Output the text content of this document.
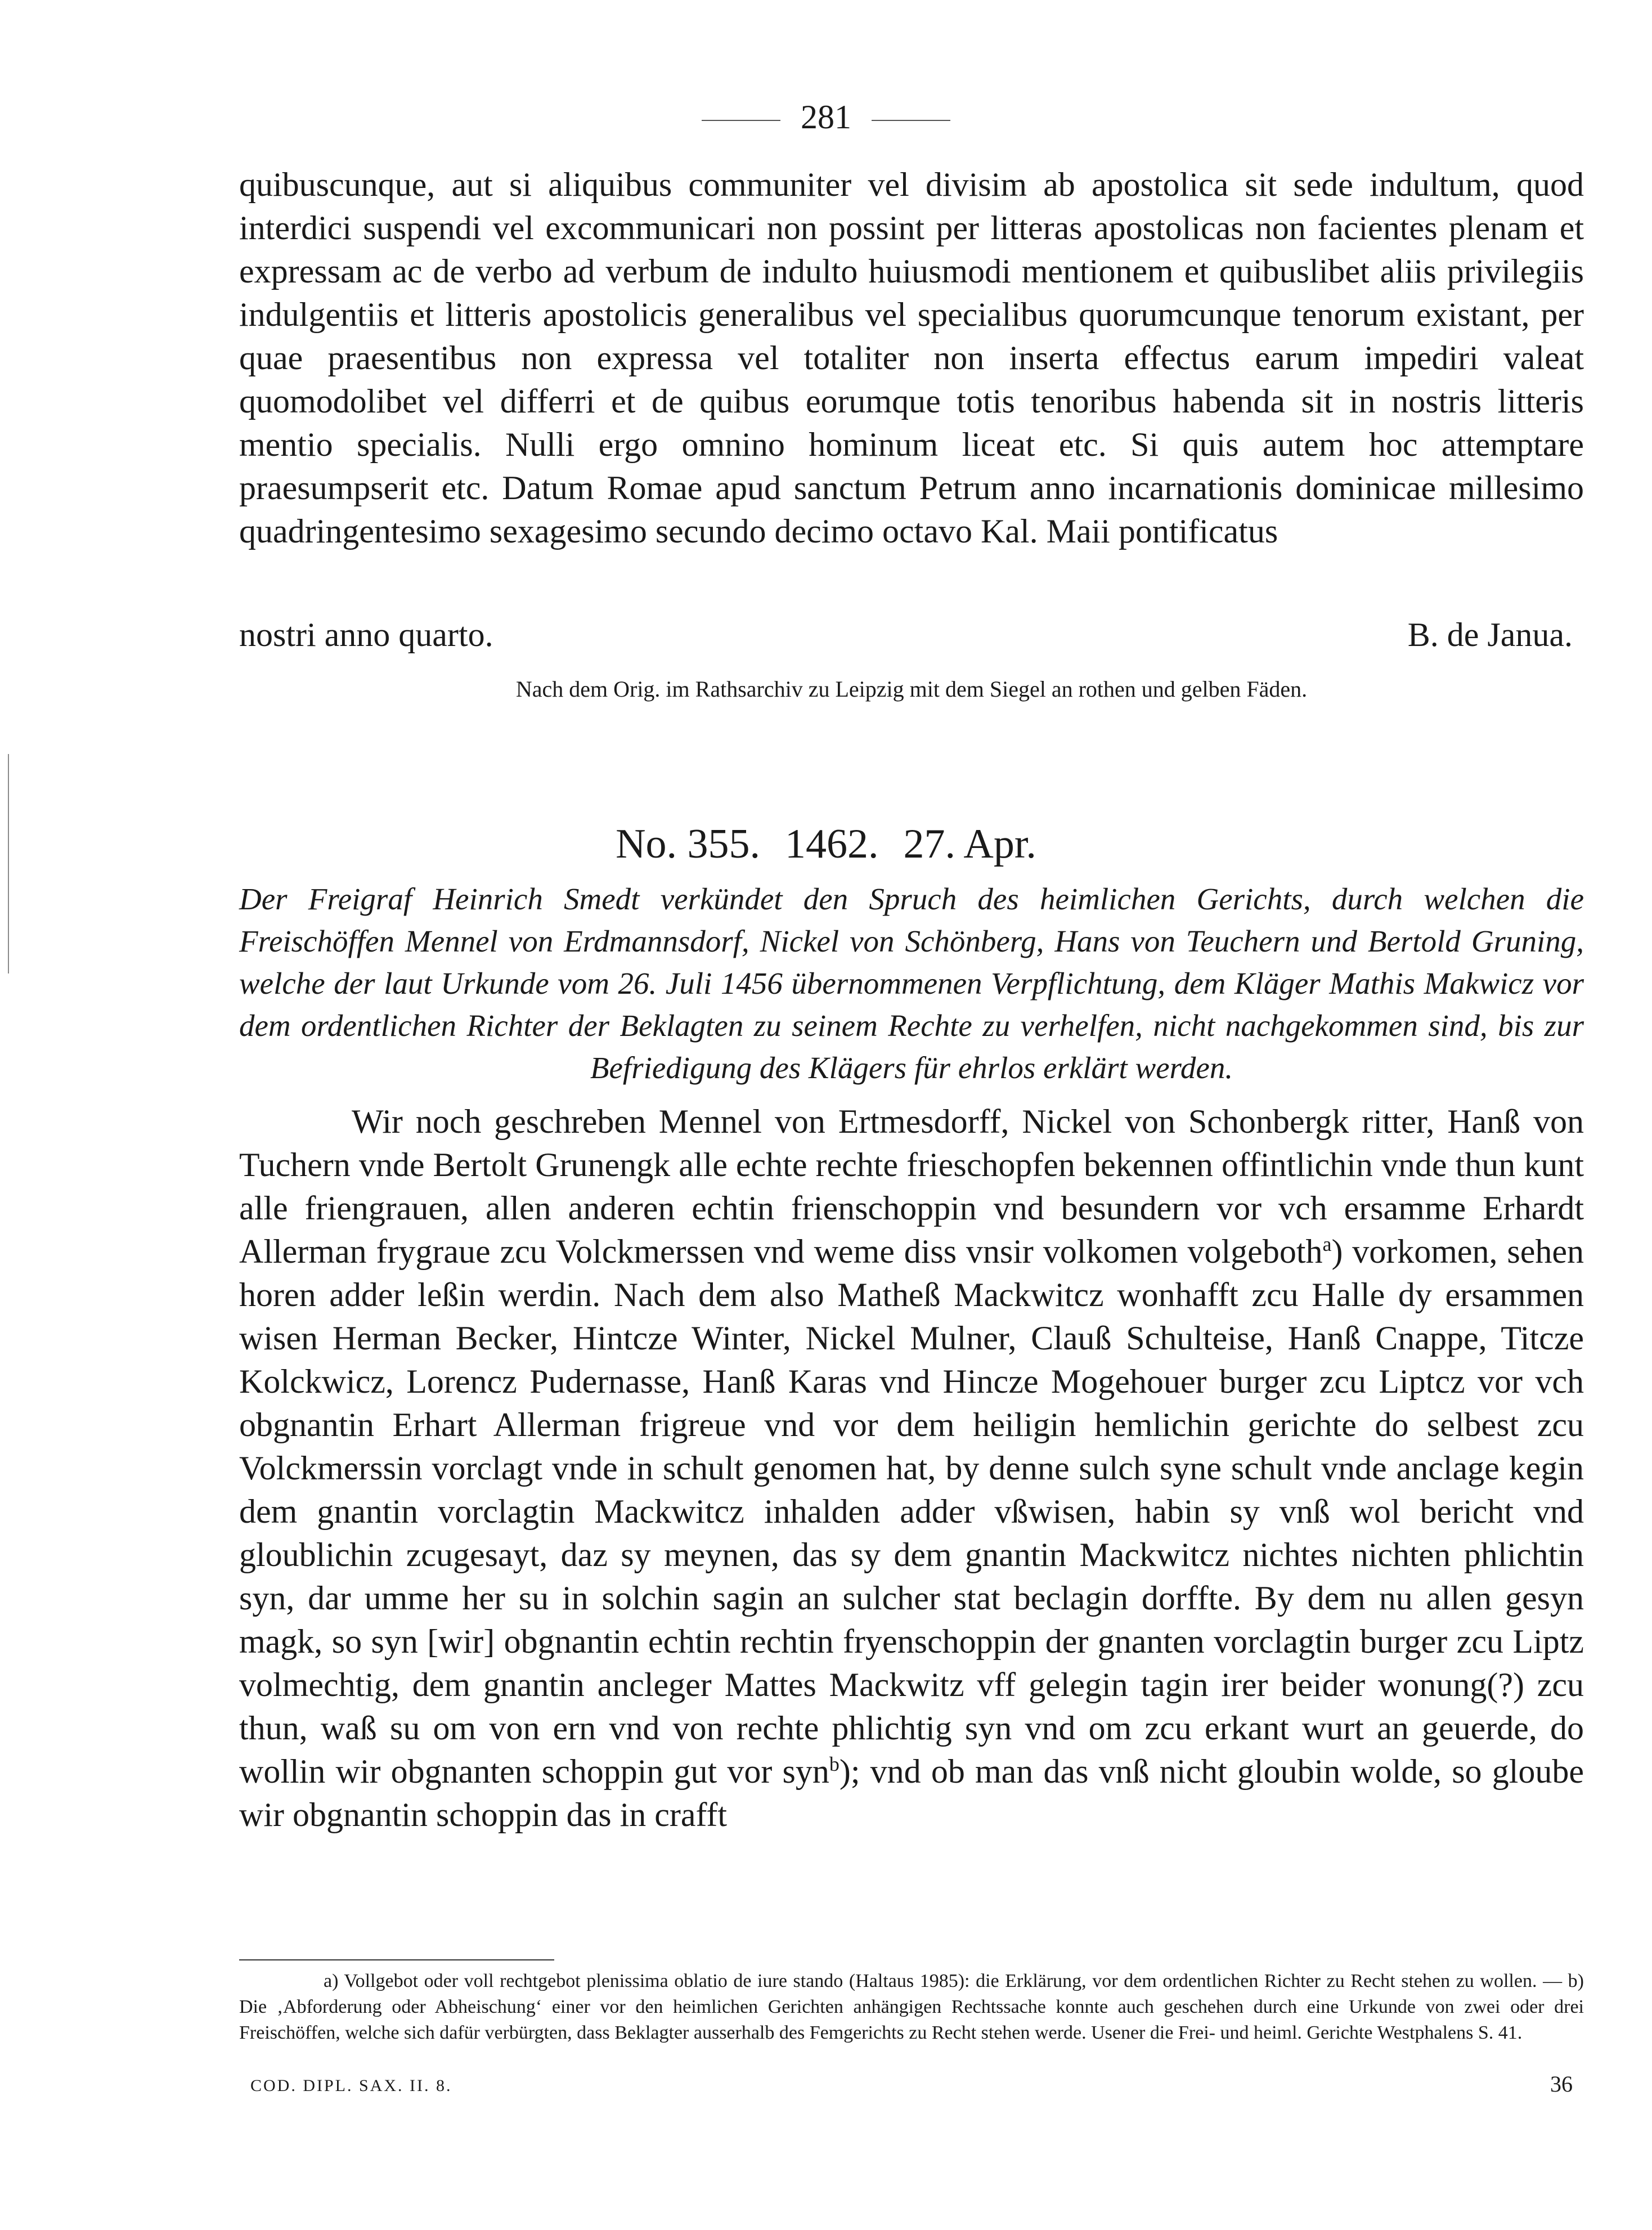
281

quibuscunque, aut si aliquibus communiter vel divisim ab apostolica sit sede indultum, quod interdici suspendi vel excommunicari non possint per litteras apostolicas non facientes plenam et expressam ac de verbo ad verbum de indulto huiusmodi mentionem et quibuslibet aliis privilegiis indulgentiis et litteris apostolicis generalibus vel specialibus quorumcunque tenorum existant, per quae praesentibus non expressa vel totaliter non inserta effectus earum impediri valeat quomodolibet vel differri et de quibus eorumque totis tenoribus habenda sit in nostris litteris mentio specialis. Nulli ergo omnino hominum liceat etc. Si quis autem hoc attemptare praesumpserit etc. Datum Romae apud sanctum Petrum anno incarnationis dominicae millesimo quadringentesimo sexagesimo secundo decimo octavo Kal. Maii pontificatus

nostri anno quarto.	B. de Janua.
Nach dem Orig. im Rathsarchiv zu Leipzig mit dem Siegel an rothen und gelben Fäden.
No. 355. 1462. 27. Apr.
Der Freigraf Heinrich Smedt verkündet den Spruch des heimlichen Gerichts, durch welchen die Freischöffen Mennel von Erdmannsdorf, Nickel von Schönberg, Hans von Teuchern und Bertold Gruning, welche der laut Urkunde vom 26. Juli 1456 übernommenen Verpflichtung, dem Kläger Mathis Makwicz vor dem ordentlichen Richter der Beklagten zu seinem Rechte zu verhelfen, nicht nachgekommen sind, bis zur Befriedigung des Klägers für ehrlos erklärt werden.

Wir noch geschreben Mennel von Ertmesdorff, Nickel von Schonbergk ritter, Hanß von Tuchern vnde Bertolt Grunengk alle echte rechte frieschopfen bekennen offintlichin vnde thun kunt alle friengrauen, allen anderen echtin frienschoppin vnd besundern vor vch ersamme Erhardt Allerman frygraue zcu Volckmerssen vnd weme diss vnsir volkomen volgeboth$^a$) vorkomen, sehen horen adder leßin werdin. Nach dem also Matheß Mackwitcz wonhafft zcu Halle dy ersammen wisen Herman Becker, Hintcze Winter, Nickel Mulner, Clauß Schulteise, Hanß Cnappe, Titcze Kolckwicz, Lorencz Pudernasse, Hanß Karas vnd Hincze Mogehouer burger zcu Liptcz vor vch obgnantin Erhart Allerman frigreue vnd vor dem heiligin hemlichin gerichte do selbest zcu Volckmerssin vorclagt vnde in schult genomen hat, by denne sulch syne schult vnde anclage kegin dem gnantin vorclagtin Mackwitcz inhalden adder vßwisen, habin sy vnß wol bericht vnd gloublichin zcugesayt, daz sy meynen, das sy dem gnantin Mackwitcz nichtes nichten phlichtin syn, dar umme her su in solchin sagin an sulcher stat beclagin dorffte. By dem nu allen gesyn magk, so syn [wir] obgnantin echtin rechtin fryenschoppin der gnanten vorclagtin burger zcu Liptz volmechtig, dem gnantin ancleger Mattes Mackwitz vff gelegin tagin irer beider wonung(?) zcu thun, waß su om von ern vnd von rechte phlichtig syn vnd om zcu erkant wurt an geuerde, do wollin wir obgnanten schoppin gut vor syn$^b$); vnd ob man das vnß nicht gloubin wolde, so gloube wir obgnantin schoppin das in crafft

a) Vollgebot oder voll rechtgebot plenissima oblatio de iure stando (Haltaus 1985): die Erklärung, vor dem ordentlichen Richter zu Recht stehen zu wollen. — b) Die ‚Abforderung oder Abheischung‘ einer vor den heimlichen Gerichten anhängigen Rechtssache konnte auch geschehen durch eine Urkunde von zwei oder drei Freischöffen, welche sich dafür verbürgten, dass Beklagter ausserhalb des Femgerichts zu Recht stehen werde. Usener die Frei- und heiml. Gerichte Westphalens S. 41.

COD. DIPL. SAX. II. 8.	36
